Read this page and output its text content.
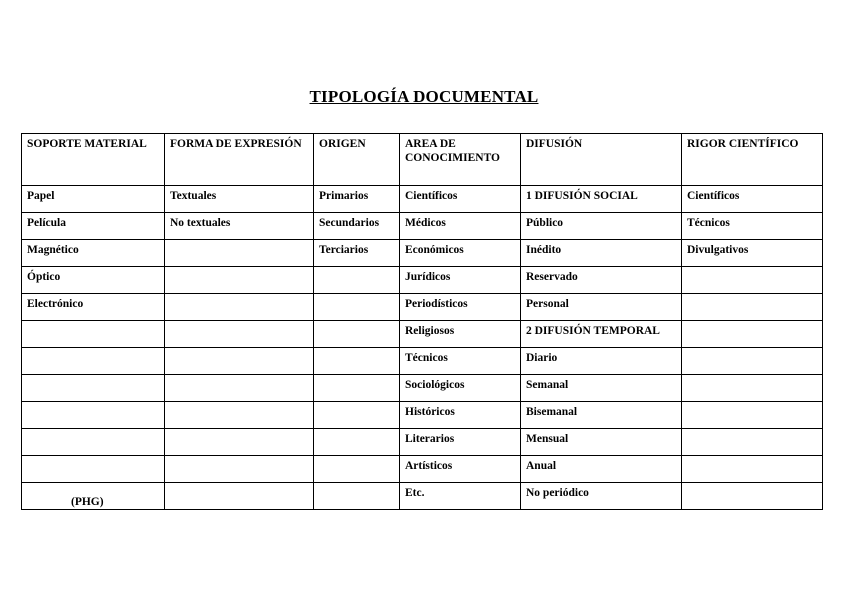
TIPOLOGÍA DOCUMENTAL
SOPORTE MATERIAL	FORMA DE EXPRESIÓN	ORIGEN	AREA DE CONOCIMIENTO	DIFUSIÓN	RIGOR CIENTÍFICO
Papel	Textuales	Primarios	Científicos	1 DIFUSIÓN SOCIAL	Científicos
Película	No textuales	Secundarios	Médicos	Público	Técnicos
Magnético		Terciarios	Económicos	Inédito	Divulgativos
Óptico			Jurídicos	Reservado	
Electrónico			Periodísticos	Personal	
			Religiosos	2 DIFUSIÓN TEMPORAL	
			Técnicos	Diario	
			Sociológicos	Semanal	
			Históricos	Bisemanal	
			Literarios	Mensual	
			Artísticos	Anual	
			Etc.	No periódico	
(PHG)
